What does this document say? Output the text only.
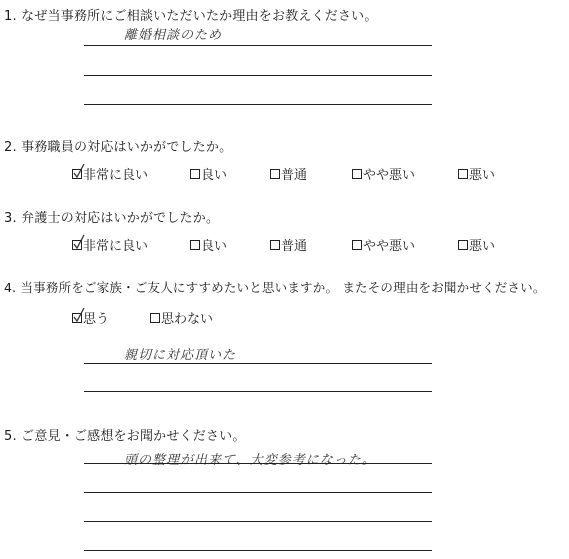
1. なぜ当事務所にご相談いただいたか理由をお教えください。
離婚相談のため
2. 事務職員の対応はいかがでしたか。
非常に良い	良い	普通	やや悪い	悪い
3. 弁護士の対応はいかがでしたか。
非常に良い	良い	普通	やや悪い	悪い
4. 当事務所をご家族・ご友人にすすめたいと思いますか。 またその理由をお聞かせください。
思う	思わない
親切に対応頂いた
5. ご意見・ご感想をお聞かせください。
頭の整理が出来て、大変参考になった。
